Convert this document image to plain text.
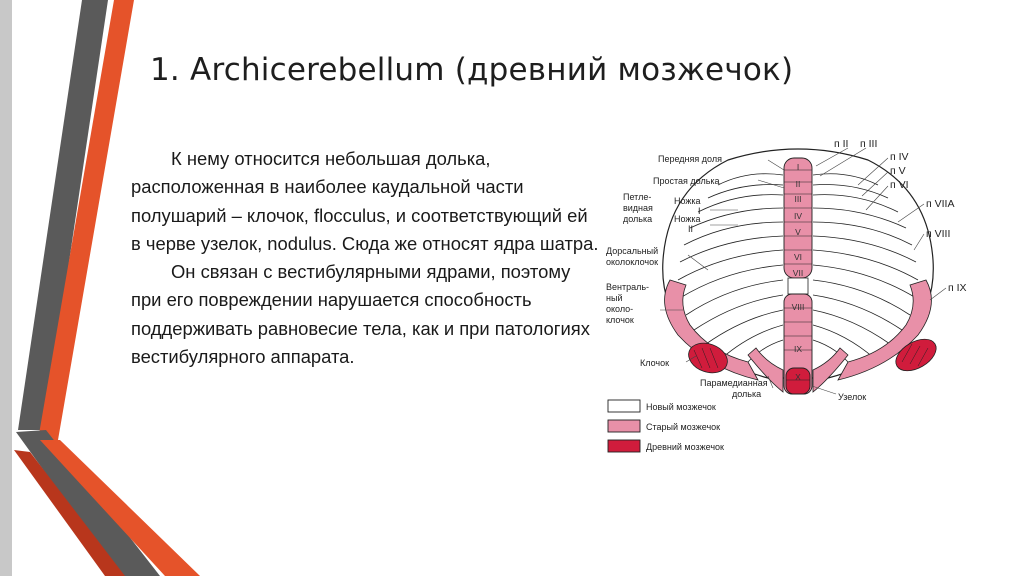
1. Archicerebellum (древний мозжечок)

К нему относится небольшая долька, расположенная в наиболее каудальной части полушарий – клочок, flocculus, и соответствующий ей в черве узелок, nodulus. Сюда же относят ядра шатра.

Он связан с вестибулярными ядрами, поэтому при его повреждении нарушается способность поддерживать равновесие тела, как и при патологиях вестибулярного аппарата.

I
II
III
IV
V
VI
VII
VIII
IX
X
Передняя доля
Простая долька
Петле-
видная
долька
Ножка
I
Ножка
II
Дорсальный
околоклочок
Вентраль-
ный
околo-
клочок
Клочок
Парамедианная
долька	Узелок
п II п III
п IV
п V
п VI
п VIIA
п VIII
п IX
Новый мозжечок
Старый мозжечок
Древний мозжечок
